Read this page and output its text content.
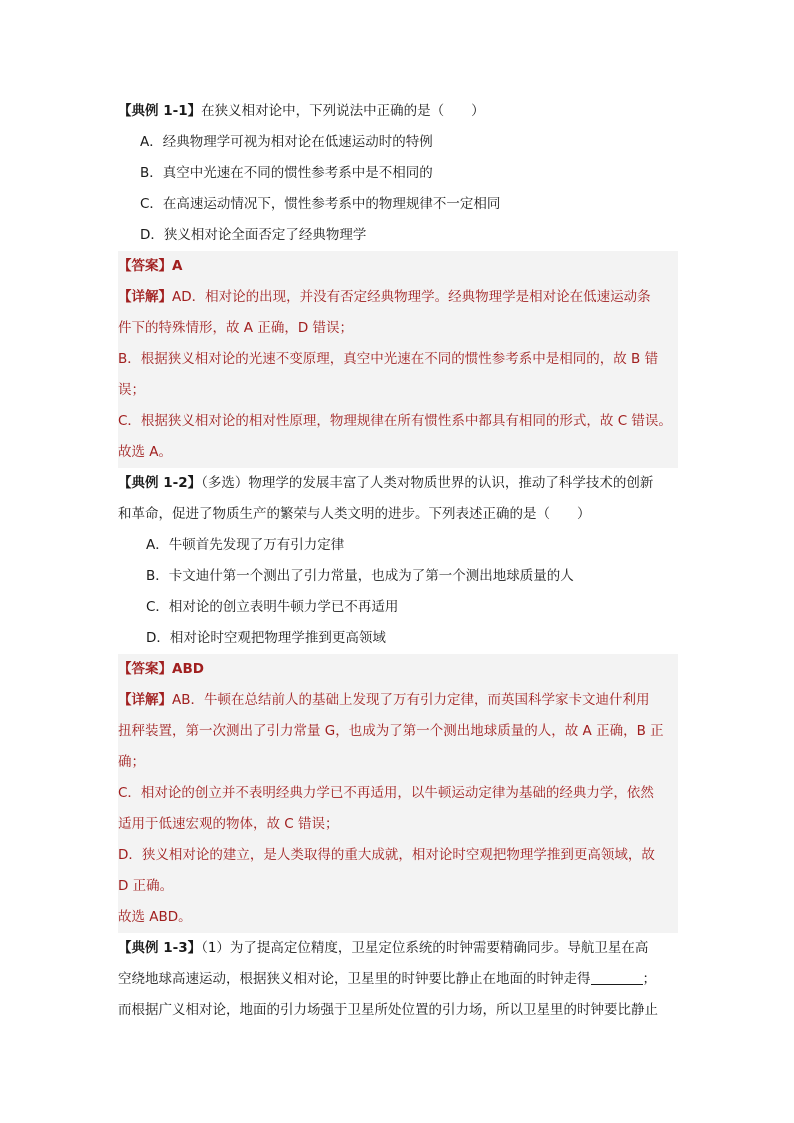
【典例 1-1】在狭义相对论中，下列说法中正确的是（　　）
A．经典物理学可视为相对论在低速运动时的特例
B．真空中光速在不同的惯性参考系中是不相同的
C．在高速运动情况下，惯性参考系中的物理规律不一定相同
D．狭义相对论全面否定了经典物理学
【答案】A
【详解】AD．相对论的出现，并没有否定经典物理学。经典物理学是相对论在低速运动条
件下的特殊情形，故 A 正确，D 错误；
B．根据狭义相对论的光速不变原理，真空中光速在不同的惯性参考系中是相同的，故 B 错
误；
C．根据狭义相对论的相对性原理，物理规律在所有惯性系中都具有相同的形式，故 C 错误。
故选 A。
【典例 1-2】（多选）物理学的发展丰富了人类对物质世界的认识，推动了科学技术的创新
和革命，促进了物质生产的繁荣与人类文明的进步。下列表述正确的是（　　）
A．牛顿首先发现了万有引力定律
B．卡文迪什第一个测出了引力常量，也成为了第一个测出地球质量的人
C．相对论的创立表明牛顿力学已不再适用
D．相对论时空观把物理学推到更高领域
【答案】ABD
【详解】AB．牛顿在总结前人的基础上发现了万有引力定律，而英国科学家卡文迪什利用
扭秤装置，第一次测出了引力常量 G，也成为了第一个测出地球质量的人，故 A 正确，B 正
确；
C．相对论的创立并不表明经典力学已不再适用，以牛顿运动定律为基础的经典力学，依然
适用于低速宏观的物体，故 C 错误；
D．狭义相对论的建立，是人类取得的重大成就，相对论时空观把物理学推到更高领域，故
D 正确。
故选 ABD。
【典例 1-3】（1）为了提高定位精度，卫星定位系统的时钟需要精确同步。导航卫星在高
空绕地球高速运动，根据狭义相对论，卫星里的时钟要比静止在地面的时钟走得	；
而根据广义相对论，地面的引力场强于卫星所处位置的引力场，所以卫星里的时钟要比静止
